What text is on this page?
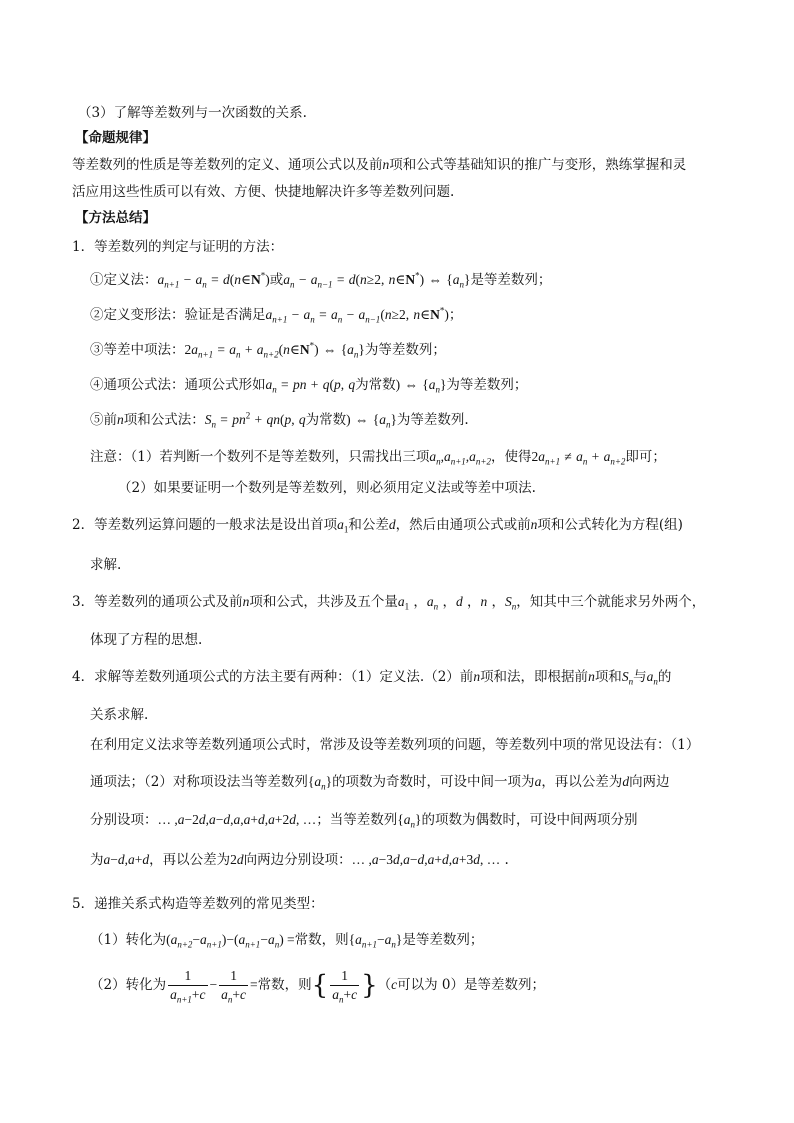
（3）了解等差数列与一次函数的关系.
【命题规律】
等差数列的性质是等差数列的定义、通项公式以及前n项和公式等基础知识的推广与变形，熟练掌握和灵
活应用这些性质可以有效、方便、快捷地解决许多等差数列问题.
【方法总结】
1．等差数列的判定与证明的方法：
①定义法：$a_{n+1} - a_n$ = d(n∈N*)或$a_n - a_{n-1} = d(n\ge 2$, n∈N*) ⇔ $\{a_n\}$是等差数列；
②定义变形法：验证是否满足$a_{n+1} - a_n = a_n - a_{n-1}(n\ge 2$, n∈N*)；
③等差中项法：$2a_{n+1} = a_n$ + $a_{n+2}(n\in N^*)$ ⇔ $\{a_n\}$为等差数列；
④通项公式法：通项公式形如$a_n$ = pn + q(p, q为常数) ⇔ $\{a_n\}$为等差数列；
⑤前n项和公式法：$S_n = pn^2 + qn(p$, q为常数) ⇔ $\{a_n\}$为等差数列.
注意：（1）若判断一个数列不是等差数列，只需找出三项$a_n,a_{n+1},a_{n+2}$，使得$2a_{n+1} \ne a_n + a_{n+2}$即可；
（2）如果要证明一个数列是等差数列，则必须用定义法或等差中项法.
2．等差数列运算问题的一般求法是设出首项$a_1$和公差d，然后由通项公式或前n项和公式转化为方程(组)
求解.
3．等差数列的通项公式及前n项和公式，共涉及五个量$a_1$ ，$a_n$ ，d ，n ，$S_n$，知其中三个就能求另外两个，
体现了方程的思想.
4．求解等差数列通项公式的方法主要有两种：（1）定义法.（2）前n项和法，即根据前n项和$S_n$与$a_n$的
关系求解.
在利用定义法求等差数列通项公式时，常涉及设等差数列项的问题，等差数列中项的常见设法有：（1）
通项法；（2）对称项设法当等差数列$\{a_n\}$的项数为奇数时，可设中间一项为a，再以公差为d向两边
分别设项：… ,a−2d,a−d,a,a+d,a+2d, …；当等差数列$\{a_n\}$的项数为偶数时，可设中间两项分别
为a−d,a+d，再以公差为2d向两边分别设项：… ,a−3d,a−d,a+d,a+3d, … .
5．递推关系式构造等差数列的常见类型：
（1）转化为$(a_{n+2}-a_{n+1})-(a_{n+1}-a_n)$ =常数，则$\{a_{n+1}-a_n\}$是等差数列；
（2）转化为 $\frac{1}{a_{n+1}+c} - \frac{1}{a_n+c}$ =常数，则{ $\frac{1}{a_n+c} \}(c$可以为 0）是等差数列；
